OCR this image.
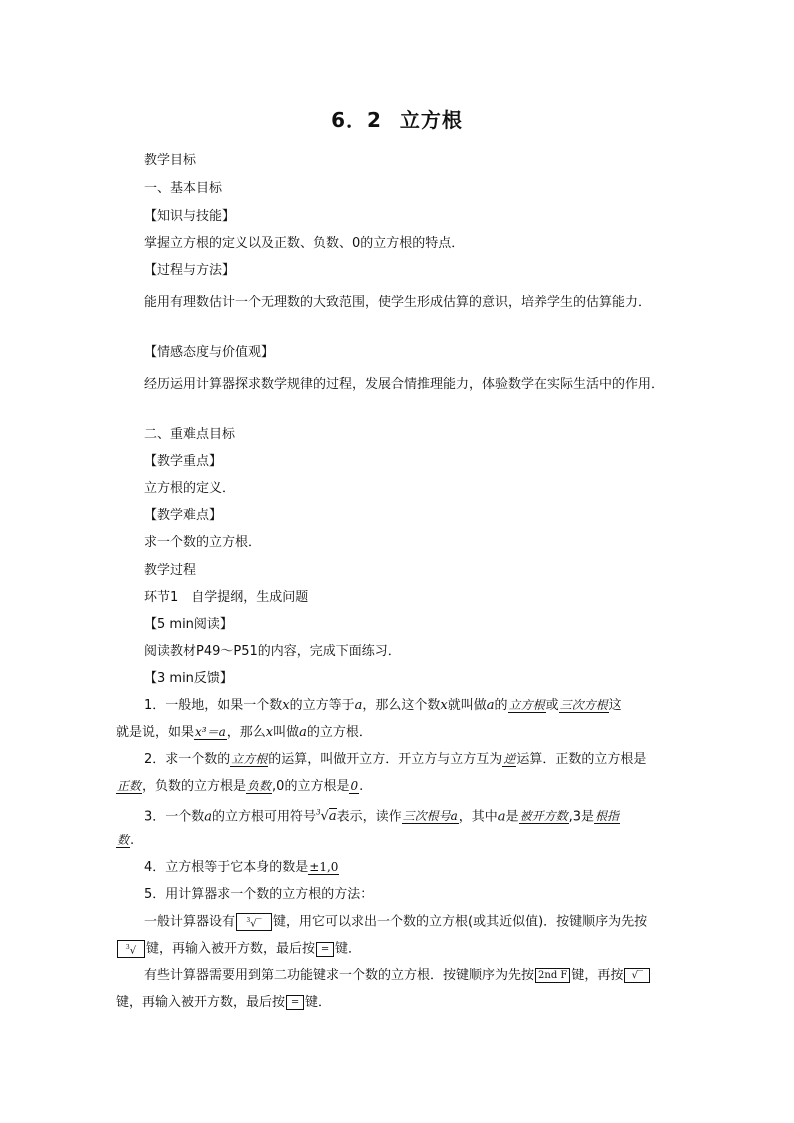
6．2 立方根
教学目标
一、基本目标
【知识与技能】
掌握立方根的定义以及正数、负数、0的立方根的特点．
【过程与方法】
能用有理数估计一个无理数的大致范围，使学生形成估算的意识，培养学生的估算能力．
【情感态度与价值观】
经历运用计算器探求数学规律的过程，发展合情推理能力，体验数学在实际生活中的作用．
二、重难点目标
【教学重点】
立方根的定义．
【教学难点】
求一个数的立方根．
教学过程
环节1　自学提纲，生成问题
【5 min阅读】
阅读教材P49～P51的内容，完成下面练习．
【3 min反馈】
1．一般地，如果一个数x的立方等于a，那么这个数x就叫做a的立方根或三次方根这
就是说，如果x³＝a，那么x叫做a的立方根．
2．求一个数的立方根的运算，叫做开立方．开立方与立方互为逆运算．正数的立方根是
正数，负数的立方根是负数,0的立方根是0.
3．一个数a的立方根可用符号$^3$√a表示，读作三次根号a，其中a是被开方数,3是根指
数.
4．立方根等于它本身的数是±1,0
5．用计算器求一个数的立方根的方法：
一般计算器设有 $^3$√‾ 键，用它可以求出一个数的立方根(或其近似值)．按键顺序为先按
$^3$√ 键，再输入被开方数，最后按 = 键．
有些计算器需要用到第二功能键求一个数的立方根．按键顺序为先按 2nd F 键，再按 √‾
键，再输入被开方数，最后按 = 键．
